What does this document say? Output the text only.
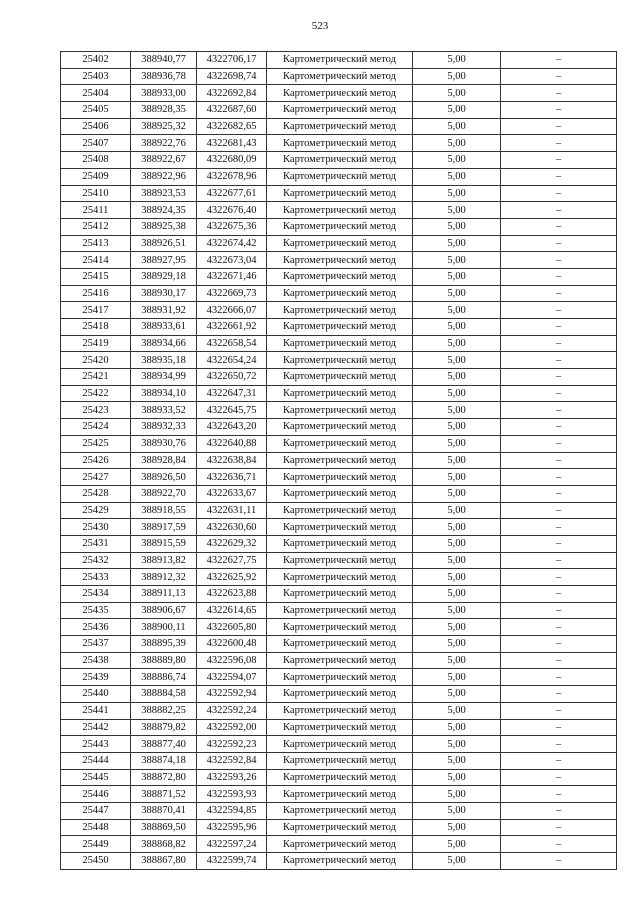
523
25402	388940,77	4322706,17	Картометрический метод	5,00	–
25403	388936,78	4322698,74	Картометрический метод	5,00	–
25404	388933,00	4322692,84	Картометрический метод	5,00	–
25405	388928,35	4322687,60	Картометрический метод	5,00	–
25406	388925,32	4322682,65	Картометрический метод	5,00	–
25407	388922,76	4322681,43	Картометрический метод	5,00	–
25408	388922,67	4322680,09	Картометрический метод	5,00	–
25409	388922,96	4322678,96	Картометрический метод	5,00	–
25410	388923,53	4322677,61	Картометрический метод	5,00	–
25411	388924,35	4322676,40	Картометрический метод	5,00	–
25412	388925,38	4322675,36	Картометрический метод	5,00	–
25413	388926,51	4322674,42	Картометрический метод	5,00	–
25414	388927,95	4322673,04	Картометрический метод	5,00	–
25415	388929,18	4322671,46	Картометрический метод	5,00	–
25416	388930,17	4322669,73	Картометрический метод	5,00	–
25417	388931,92	4322666,07	Картометрический метод	5,00	–
25418	388933,61	4322661,92	Картометрический метод	5,00	–
25419	388934,66	4322658,54	Картометрический метод	5,00	–
25420	388935,18	4322654,24	Картометрический метод	5,00	–
25421	388934,99	4322650,72	Картометрический метод	5,00	–
25422	388934,10	4322647,31	Картометрический метод	5,00	–
25423	388933,52	4322645,75	Картометрический метод	5,00	–
25424	388932,33	4322643,20	Картометрический метод	5,00	–
25425	388930,76	4322640,88	Картометрический метод	5,00	–
25426	388928,84	4322638,84	Картометрический метод	5,00	–
25427	388926,50	4322636,71	Картометрический метод	5,00	–
25428	388922,70	4322633,67	Картометрический метод	5,00	–
25429	388918,55	4322631,11	Картометрический метод	5,00	–
25430	388917,59	4322630,60	Картометрический метод	5,00	–
25431	388915,59	4322629,32	Картометрический метод	5,00	–
25432	388913,82	4322627,75	Картометрический метод	5,00	–
25433	388912,32	4322625,92	Картометрический метод	5,00	–
25434	388911,13	4322623,88	Картометрический метод	5,00	–
25435	388906,67	4322614,65	Картометрический метод	5,00	–
25436	388900,11	4322605,80	Картометрический метод	5,00	–
25437	388895,39	4322600,48	Картометрический метод	5,00	–
25438	388889,80	4322596,08	Картометрический метод	5,00	–
25439	388886,74	4322594,07	Картометрический метод	5,00	–
25440	388884,58	4322592,94	Картометрический метод	5,00	–
25441	388882,25	4322592,24	Картометрический метод	5,00	–
25442	388879,82	4322592,00	Картометрический метод	5,00	–
25443	388877,40	4322592,23	Картометрический метод	5,00	–
25444	388874,18	4322592,84	Картометрический метод	5,00	–
25445	388872,80	4322593,26	Картометрический метод	5,00	–
25446	388871,52	4322593,93	Картометрический метод	5,00	–
25447	388870,41	4322594,85	Картометрический метод	5,00	–
25448	388869,50	4322595,96	Картометрический метод	5,00	–
25449	388868,82	4322597,24	Картометрический метод	5,00	–
25450	388867,80	4322599,74	Картометрический метод	5,00	–
